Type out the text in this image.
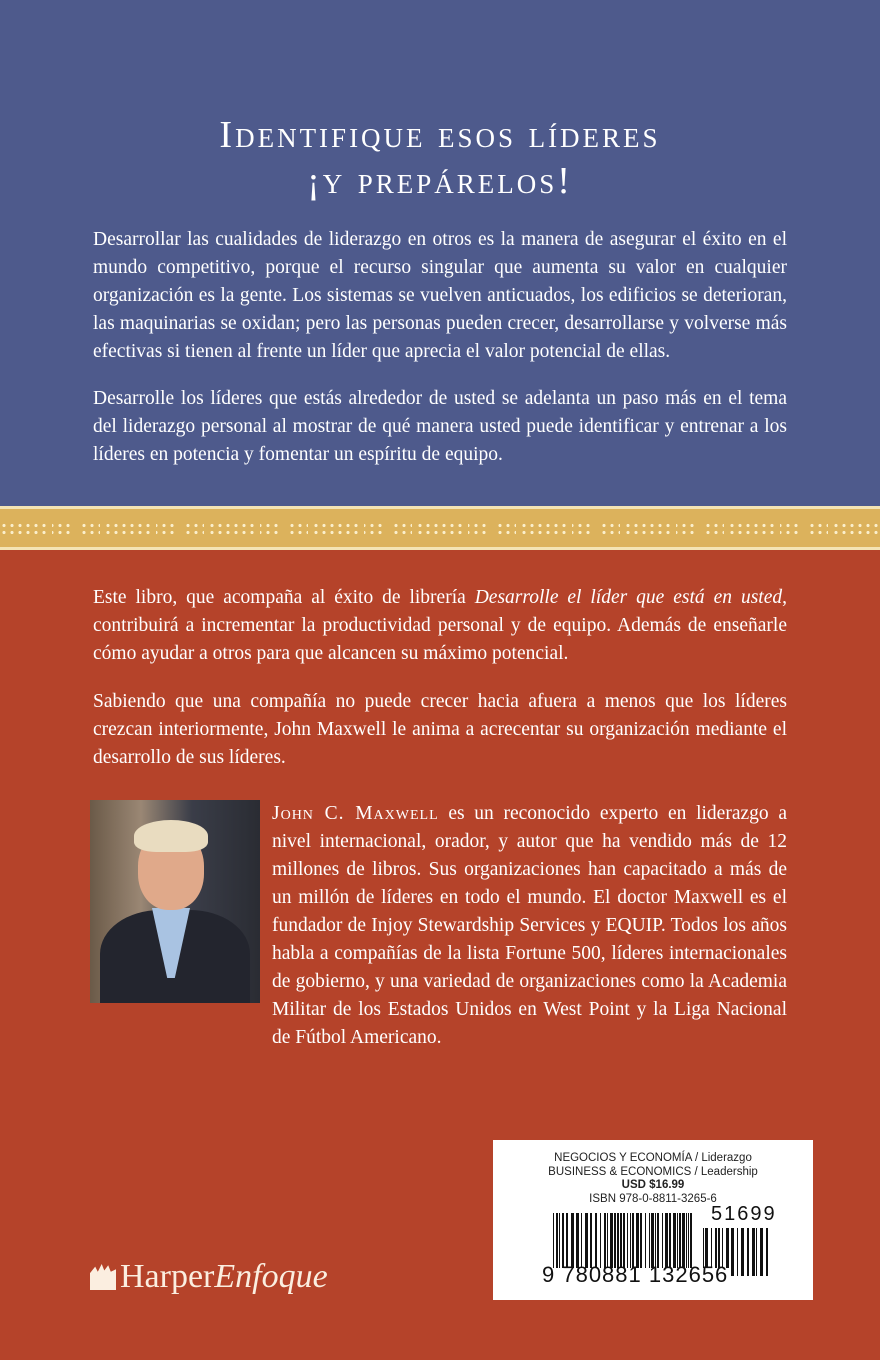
Identifique esos líderes
¡y prepárelos!

Desarrollar las cualidades de liderazgo en otros es la manera de asegurar el éxito en el mundo competitivo, porque el recurso singular que aumenta su valor en cualquier organización es la gente. Los sistemas se vuelven anticuados, los edificios se deterioran, las maquinarias se oxidan; pero las personas pueden crecer, desarrollarse y volverse más efectivas si tienen al frente un líder que aprecia el valor potencial de ellas.

Desarrolle los líderes que estás alrededor de usted se adelanta un paso más en el tema del liderazgo personal al mostrar de qué manera usted puede identificar y entrenar a los líderes en potencia y fomentar un espíritu de equipo.

Este libro, que acompaña al éxito de librería Desarrolle el líder que está en usted, contribuirá a incrementar la productividad personal y de equipo. Además de enseñarle cómo ayudar a otros para que alcancen su máximo potencial.

Sabiendo que una compañía no puede crecer hacia afuera a menos que los líderes crezcan interiormente, John Maxwell le anima a acrecentar su organización mediante el desarrollo de sus líderes.

John C. Maxwell es un reconocido experto en liderazgo a nivel internacional, orador, y autor que ha vendido más de 12 millones de libros. Sus organizaciones han capacitado a más de un millón de líderes en todo el mundo. El doctor Maxwell es el fundador de Injoy Stewardship Services y EQUIP. Todos los años habla a compañías de la lista Fortune 500, líderes internacionales de gobierno, y una variedad de organizaciones como la Academia Militar de los Estados Unidos en West Point y la Liga Nacional de Fútbol Americano.

Harper Enfoque
NEGOCIOS Y ECONOMÍA / Liderazgo
BUSINESS & ECONOMICS / Leadership
USD $16.99
ISBN 978-0-8811-3265-6
9 780881 132656
51699
